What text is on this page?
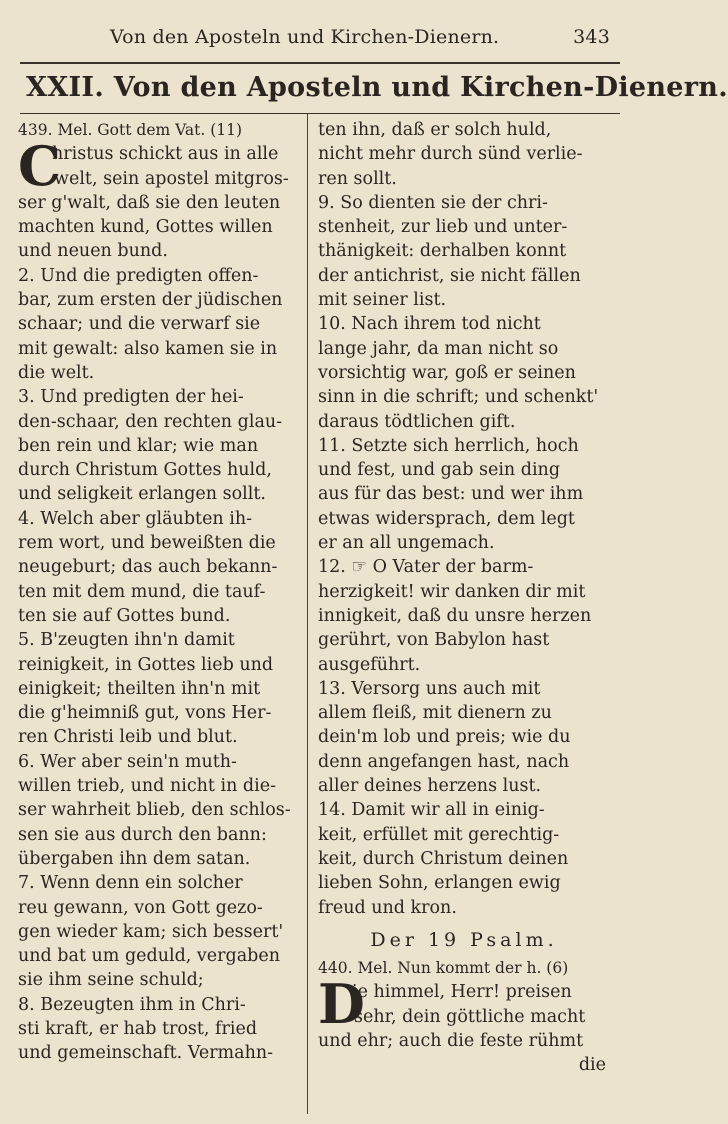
Von den Aposteln und Kirchen-Dienern.	343
XXII. Von den Aposteln und Kirchen-Dienern.
439. Mel. Gott dem Vat. (11)
C
hristus schickt aus in alle
welt, sein apostel mitgros-
ser g'walt, daß sie den leuten
machten kund, Gottes willen
und neuen bund.
2. Und die predigten offen-
bar, zum ersten der jüdischen
schaar; und die verwarf sie
mit gewalt: also kamen sie in
die welt.
3. Und predigten der hei-
den-schaar, den rechten glau-
ben rein und klar; wie man
durch Christum Gottes huld,
und seligkeit erlangen sollt.
4. Welch aber gläubten ih-
rem wort, und beweißten die
neugeburt; das auch bekann-
ten mit dem mund, die tauf-
ten sie auf Gottes bund.
5. B'zeugten ihn'n damit
reinigkeit, in Gottes lieb und
einigkeit; theilten ihn'n mit
die g'heimniß gut, vons Her-
ren Christi leib und blut.
6. Wer aber sein'n muth-
willen trieb, und nicht in die-
ser wahrheit blieb, den schlos-
sen sie aus durch den bann:
übergaben ihn dem satan.
7. Wenn denn ein solcher
reu gewann, von Gott gezo-
gen wieder kam; sich bessert'
und bat um geduld, vergaben
sie ihm seine schuld;
8. Bezeugten ihm in Chri-
sti kraft, er hab trost, fried
und gemeinschaft. Vermahn-
ten ihn, daß er solch huld,
nicht mehr durch sünd verlie-
ren sollt.
9. So dienten sie der chri-
stenheit, zur lieb und unter-
thänigkeit: derhalben konnt
der antichrist, sie nicht fällen
mit seiner list.
10. Nach ihrem tod nicht
lange jahr, da man nicht so
vorsichtig war, goß er seinen
sinn in die schrift; und schenkt'
daraus tödtlichen gift.
11. Setzte sich herrlich, hoch
und fest, und gab sein ding
aus für das best: und wer ihm
etwas widersprach, dem legt
er an all ungemach.
12. ☞ O Vater der barm-
herzigkeit! wir danken dir mit
innigkeit, daß du unsre herzen
gerührt, von Babylon hast
ausgeführt.
13. Versorg uns auch mit
allem fleiß, mit dienern zu
dein'm lob und preis; wie du
denn angefangen hast, nach
aller deines herzens lust.
14. Damit wir all in einig-
keit, erfüllet mit gerechtig-
keit, durch Christum deinen
lieben Sohn, erlangen ewig
freud und kron.
Der 19 Psalm.
440. Mel. Nun kommt der h. (6)
D
ie himmel, Herr! preisen
sehr, dein göttliche macht
und ehr; auch die feste rühmt
die
